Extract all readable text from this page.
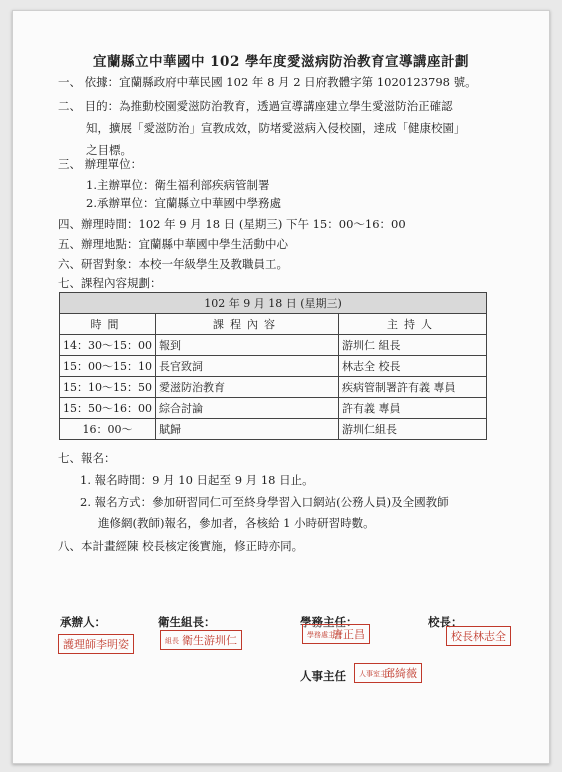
宜蘭縣立中華國中 102 學年度愛滋病防治教育宣導講座計劃
一、 依據：宜蘭縣政府中華民國 102 年 8 月 2 日府教體字第 1020123798 號。
二、 目的：為推動校園愛滋防治教育，透過宣導講座建立學生愛滋防治正確認
知，擴展「愛滋防治」宣教成效，防堵愛滋病入侵校園，達成「健康校園」
之目標。
三、 辦理單位：
1.主辦單位：衛生福利部疾病管制署
2.承辦單位：宜蘭縣立中華國中學務處
四、辦理時間：102 年 9 月 18 日 (星期三) 下午 15：00～16：00
五、辦理地點：宜蘭縣中華國中學生活動中心
六、研習對象：本校一年級學生及教職員工。
七、課程內容規劃：
102 年 9 月 18 日 (星期三)		
時間	課程內容	主持人
14：30～15：00	報到	游圳仁 組長
15：00～15：10	長官致詞	林志全 校長
15：10～15：50	愛滋防治教育	疾病管制署許有義 專員
15：50～16：00	綜合討論	許有義 專員
16：00～	賦歸	游圳仁組長
七、報名：
1. 報名時間：9 月 10 日起至 9 月 18 日止。
2. 報名方式：參加研習同仁可至終身學習入口網站(公務人員)及全國教師
進修網(教師)報名，參加者，各核給 1 小時研習時數。
八、本計畫經陳 校長核定後實施，修正時亦同。
承辦人：	衛生組長：	學務主任：	校長：
人事主任
護理師李明姿	組長 衛生游圳仁	學務處主任唐正昌	校長林志全
人事室主任邱綺薇
